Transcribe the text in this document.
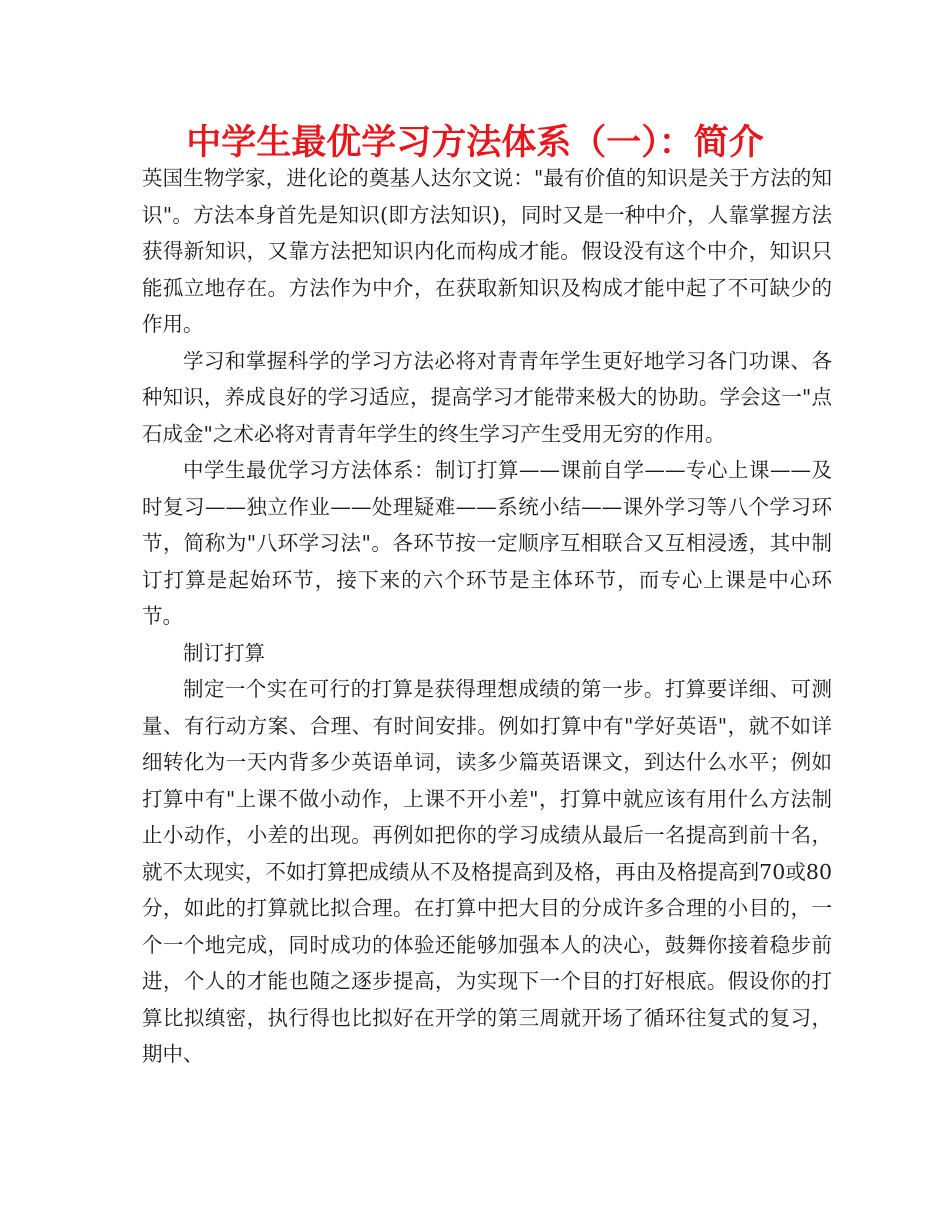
中学生最优学习方法体系（一）：简介

英国生物学家，进化论的奠基人达尔文说："最有价值的知识是关于方法的知识"。方法本身首先是知识(即方法知识)，同时又是一种中介，人靠掌握方法获得新知识，又靠方法把知识内化而构成才能。假设没有这个中介，知识只能孤立地存在。方法作为中介，在获取新知识及构成才能中起了不可缺少的作用。

学习和掌握科学的学习方法必将对青青年学生更好地学习各门功课、各种知识，养成良好的学习适应，提高学习才能带来极大的协助。学会这一"点石成金"之术必将对青青年学生的终生学习产生受用无穷的作用。

中学生最优学习方法体系：制订打算——课前自学——专心上课——及时复习——独立作业——处理疑难——系统小结——课外学习等八个学习环节，简称为"八环学习法"。各环节按一定顺序互相联合又互相浸透，其中制订打算是起始环节，接下来的六个环节是主体环节，而专心上课是中心环节。

制订打算

制定一个实在可行的打算是获得理想成绩的第一步。打算要详细、可测量、有行动方案、合理、有时间安排。例如打算中有"学好英语"，就不如详细转化为一天内背多少英语单词，读多少篇英语课文，到达什么水平；例如打算中有"上课不做小动作，上课不开小差"，打算中就应该有用什么方法制止小动作，小差的出现。再例如把你的学习成绩从最后一名提高到前十名，就不太现实，不如打算把成绩从不及格提高到及格，再由及格提高到70或80分，如此的打算就比拟合理。在打算中把大目的分成许多合理的小目的，一个一个地完成，同时成功的体验还能够加强本人的决心，鼓舞你接着稳步前进，个人的才能也随之逐步提高，为实现下一个目的打好根底。假设你的打算比拟缜密，执行得也比拟好在开学的第三周就开场了循环往复式的复习，期中、
